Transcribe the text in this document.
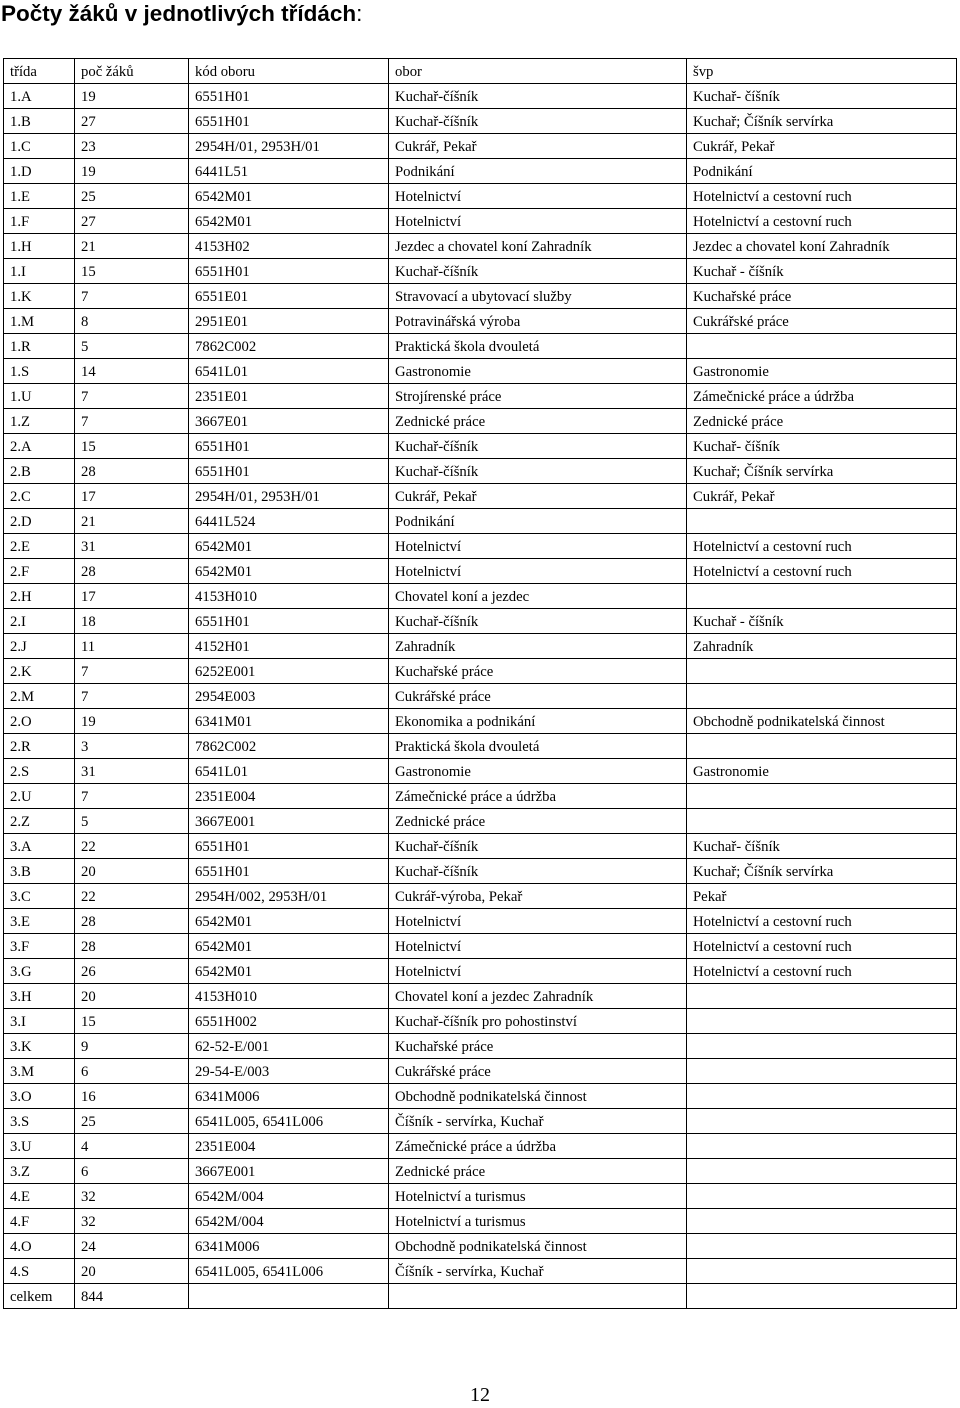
Počty žáků v jednotlivých třídách:
třída	poč žáků	kód oboru	obor	švp
1.A	19	6551H01	Kuchař-číšník	Kuchař- číšník
1.B	27	6551H01	Kuchař-číšník	Kuchař; Číšník servírka
1.C	23	2954H/01, 2953H/01	Cukrář, Pekař	Cukrář, Pekař
1.D	19	6441L51	Podnikání	Podnikání
1.E	25	6542M01	Hotelnictví	Hotelnictví a cestovní ruch
1.F	27	6542M01	Hotelnictví	Hotelnictví a cestovní ruch
1.H	21	4153H02	Jezdec a chovatel koní Zahradník	Jezdec a chovatel koní Zahradník
1.I	15	6551H01	Kuchař-číšník	Kuchař - číšník
1.K	7	6551E01	Stravovací a ubytovací služby	Kuchařské práce
1.M	8	2951E01	Potravinářská výroba	Cukrářské práce
1.R	5	7862C002	Praktická škola dvouletá	
1.S	14	6541L01	Gastronomie	Gastronomie
1.U	7	2351E01	Strojírenské práce	Zámečnické práce a údržba
1.Z	7	3667E01	Zednické práce	Zednické práce
2.A	15	6551H01	Kuchař-číšník	Kuchař- číšník
2.B	28	6551H01	Kuchař-číšník	Kuchař; Číšník servírka
2.C	17	2954H/01, 2953H/01	Cukrář, Pekař	Cukrář, Pekař
2.D	21	6441L524	Podnikání	
2.E	31	6542M01	Hotelnictví	Hotelnictví a cestovní ruch
2.F	28	6542M01	Hotelnictví	Hotelnictví a cestovní ruch
2.H	17	4153H010	Chovatel koní a jezdec	
2.I	18	6551H01	Kuchař-číšník	Kuchař - číšník
2.J	11	4152H01	Zahradník	Zahradník
2.K	7	6252E001	Kuchařské práce	
2.M	7	2954E003	Cukrářské práce	
2.O	19	6341M01	Ekonomika a podnikání	Obchodně podnikatelská činnost
2.R	3	7862C002	Praktická škola dvouletá	
2.S	31	6541L01	Gastronomie	Gastronomie
2.U	7	2351E004	Zámečnické práce a údržba	
2.Z	5	3667E001	Zednické práce	
3.A	22	6551H01	Kuchař-číšník	Kuchař- číšník
3.B	20	6551H01	Kuchař-číšník	Kuchař; Číšník servírka
3.C	22	2954H/002, 2953H/01	Cukrář-výroba, Pekař	Pekař
3.E	28	6542M01	Hotelnictví	Hotelnictví a cestovní ruch
3.F	28	6542M01	Hotelnictví	Hotelnictví a cestovní ruch
3.G	26	6542M01	Hotelnictví	Hotelnictví a cestovní ruch
3.H	20	4153H010	Chovatel koní a jezdec Zahradník	
3.I	15	6551H002	Kuchař-číšník pro pohostinství	
3.K	9	62-52-E/001	Kuchařské práce	
3.M	6	29-54-E/003	Cukrářské práce	
3.O	16	6341M006	Obchodně podnikatelská činnost	
3.S	25	6541L005, 6541L006	Číšník - servírka, Kuchař	
3.U	4	2351E004	Zámečnické práce a údržba	
3.Z	6	3667E001	Zednické práce	
4.E	32	6542M/004	Hotelnictví a turismus	
4.F	32	6542M/004	Hotelnictví a turismus	
4.O	24	6341M006	Obchodně podnikatelská činnost	
4.S	20	6541L005, 6541L006	Číšník - servírka, Kuchař	
celkem	844			
12
